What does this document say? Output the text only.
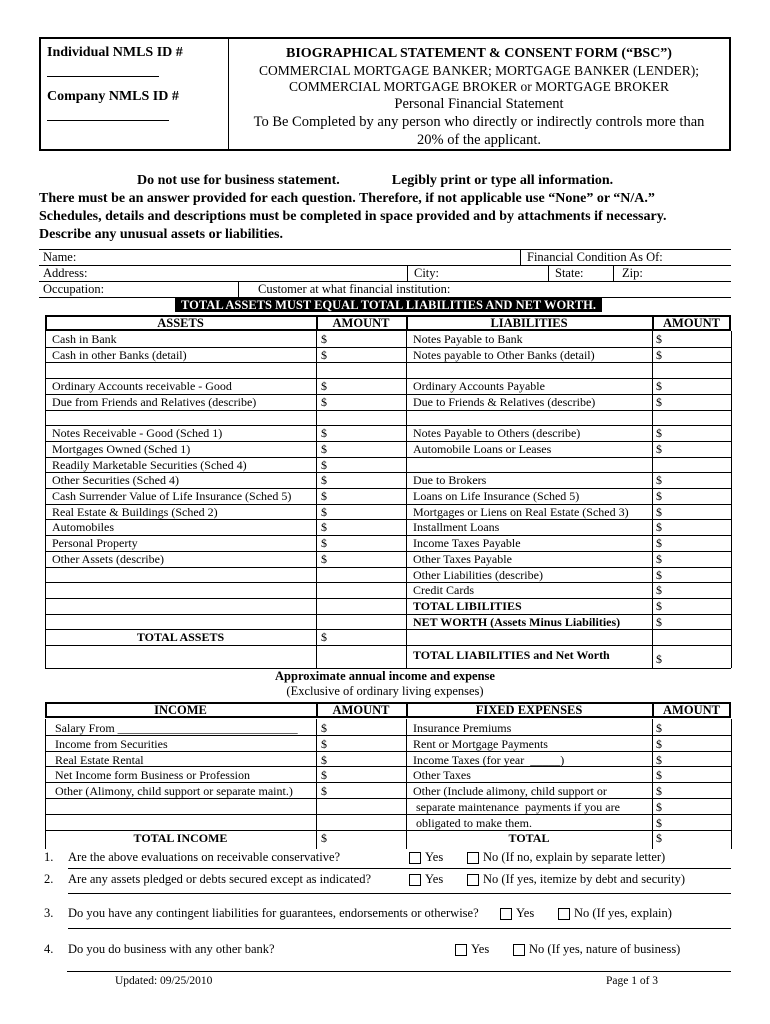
Individual NMLS ID #
Company NMLS ID #
BIOGRAPHICAL STATEMENT & CONSENT FORM (“BSC”)
COMMERCIAL MORTGAGE BANKER; MORTGAGE BANKER (LENDER);
COMMERCIAL MORTGAGE BROKER or MORTGAGE BROKER
Personal Financial Statement
To Be Completed by any person who directly or indirectly controls more than
20% of the applicant.
Do not use for business statement.	Legibly print or type all information.
There must be an answer provided for each question. Therefore, if not applicable use “None” or “N/A.”
Schedules, details and descriptions must be completed in space provided and by attachments if necessary.
Describe any unusual assets or liabilities.
Name:	Financial Condition As Of:
Address:	City:	State:	Zip:
Occupation:	Customer at what financial institution:
TOTAL ASSETS MUST EQUAL TOTAL LIABILITIES AND NET WORTH.
ASSETS	AMOUNT	LIABILITIES	AMOUNT
Cash in Bank	$	Notes Payable to Bank	$
Cash in other Banks (detail)	$	Notes payable to Other Banks (detail)	$
Ordinary Accounts receivable - Good	$	Ordinary Accounts Payable	$
Due from Friends and Relatives (describe)	$	Due to Friends & Relatives (describe)	$
Notes Receivable - Good (Sched 1)	$	Notes Payable to Others (describe)	$
Mortgages Owned (Sched 1)	$	Automobile Loans or Leases	$
Readily Marketable Securities (Sched 4)	$
Other Securities (Sched 4)	$	Due to Brokers	$
Cash Surrender Value of Life Insurance (Sched 5) $	Loans on Life Insurance (Sched 5)	$
Real Estate & Buildings (Sched 2)	$	Mortgages or Liens on Real Estate (Sched 3) $
Automobiles	$	Installment Loans	$
Personal Property	$	Income Taxes Payable	$
Other Assets (describe)	$	Other Taxes Payable	$
Other Liabilities (describe)	$
Credit Cards	$
TOTAL LIBILITIES	$
NET WORTH (Assets Minus Liabilities)	$
TOTAL ASSETS	$
TOTAL LIABILITIES and Net Worth	$
Approximate annual income and expense
(Exclusive of ordinary living expenses)
INCOME	AMOUNT	FIXED EXPENSES	AMOUNT
Salary From ______________________________ $	Insurance Premiums	$
Income from Securities	$	Rent or Mortgage Payments	$
Real Estate Rental	$	Income Taxes (for year  _____)	$
Net Income form Business or Profession	$	Other Taxes	$
Other (Alimony, child support or separate maint.) $	Other (Include alimony, child support or	$
separate maintenance  payments if you are	$
obligated to make them.	$
TOTAL INCOME	$	TOTAL	$
1. Are the above evaluations on receivable conservative?	Yes	No (If no, explain by separate letter)
2. Are any assets pledged or debts secured except as indicated?	Yes	No (If yes, itemize by debt and security)
3. Do you have any contingent liabilities for guarantees, endorsements or otherwise?	Yes	No (If yes, explain)
4. Do you do business with any other bank?	Yes	No (If yes, nature of business)
Updated: 09/25/2010	Page 1 of 3
